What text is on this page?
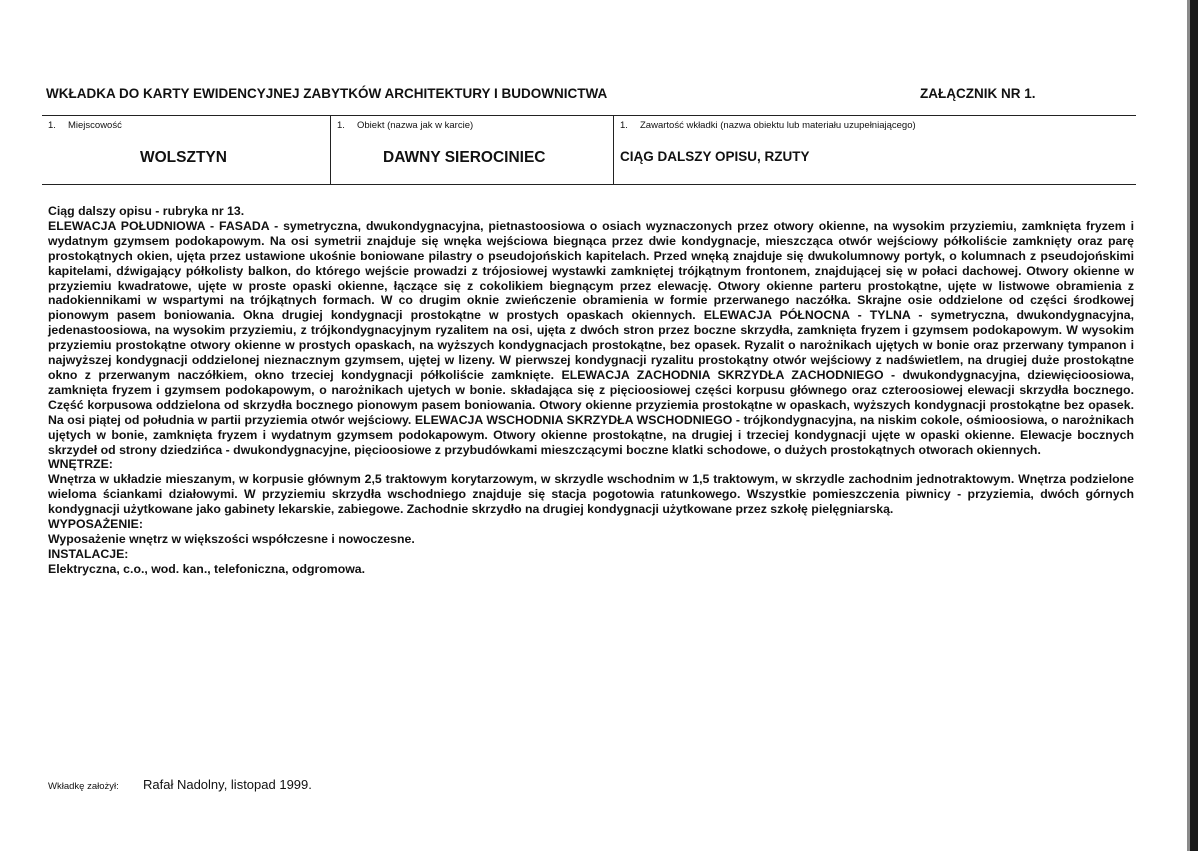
WKŁADKA DO KARTY EWIDENCYJNEJ ZABYTKÓW ARCHITEKTURY I BUDOWNICTWA	ZAŁĄCZNIK NR 1.
1. Miejscowość
WOLSZTYN
1. Obiekt (nazwa jak w karcie)
DAWNY SIEROCINIEC
1. Zawartość wkładki (nazwa obiektu lub materiału uzupełniającego)
CIĄG DALSZY OPISU, RZUTY

Ciąg dalszy opisu - rubryka nr 13.

ELEWACJA POŁUDNIOWA - FASADA - symetryczna, dwukondygnacyjna, pietnastoosiowa o osiach wyznaczonych przez otwory okienne, na wysokim przyziemiu, zamknięta fryzem i wydatnym gzymsem podokapowym. Na osi symetrii znajduje się wnęka wejściowa biegnąca przez dwie kondygnacje, mieszcząca otwór wejściowy półkoliście zamknięty oraz parę prostokątnych okien, ujęta przez ustawione ukośnie boniowane pilastry o pseudojońskich kapitelach. Przed wnęką znajduje się dwukolumnowy portyk, o kolumnach z pseudojońskimi kapitelami, dźwigający półkolisty balkon, do którego wejście prowadzi z trójosiowej wystawki zamkniętej trójkątnym frontonem, znajdującej się w połaci dachowej. Otwory okienne w przyziemiu kwadratowe, ujęte w proste opaski okienne, łączące się z cokolikiem biegnącym przez elewację. Otwory okienne parteru prostokątne, ujęte w listwowe obramienia z nadokiennikami w wspartymi na trójkątnych formach. W co drugim oknie zwieńczenie obramienia w formie przerwanego naczółka. Skrajne osie oddzielone od części środkowej pionowym pasem boniowania. Okna drugiej kondygnacji prostokątne w prostych opaskach okiennych. ELEWACJA PÓŁNOCNA - TYLNA - symetryczna, dwukondygnacyjna, jedenastoosiowa, na wysokim przyziemiu, z trójkondygnacyjnym ryzalitem na osi, ujęta z dwóch stron przez boczne skrzydła, zamknięta fryzem i gzymsem podokapowym. W wysokim przyziemiu prostokątne otwory okienne w prostych opaskach, na wyższych kondygnacjach prostokątne, bez opasek. Ryzalit o narożnikach ujętych w bonie oraz przerwany tympanon i najwyższej kondygnacji oddzielonej nieznacznym gzymsem, ujętej w lizeny. W pierwszej kondygnacji ryzalitu prostokątny otwór wejściowy z nadświetlem, na drugiej duże prostokątne okno z przerwanym naczółkiem, okno trzeciej kondygnacji półkoliście zamknięte. ELEWACJA ZACHODNIA SKRZYDŁA ZACHODNIEGO - dwukondygnacyjna, dziewięcioosiowa, zamknięta fryzem i gzymsem podokapowym, o narożnikach ujetych w bonie. składająca się z pięcioosiowej części korpusu głównego oraz czteroosiowej elewacji skrzydła bocznego. Część korpusowa oddzielona od skrzydła bocznego pionowym pasem boniowania. Otwory okienne przyziemia prostokątne w opaskach, wyższych kondygnacji prostokątne bez opasek. Na osi piątej od południa w partii przyziemia otwór wejściowy. ELEWACJA WSCHODNIA SKRZYDŁA WSCHODNIEGO - trójkondygnacyjna, na niskim cokole, ośmioosiowa, o narożnikach ujętych w bonie, zamknięta fryzem i wydatnym gzymsem podokapowym. Otwory okienne prostokątne, na drugiej i trzeciej kondygnacji ujęte w opaski okienne. Elewacje bocznych skrzydeł od strony dziedzińca - dwukondygnacyjne, pięcioosiowe z przybudówkami mieszczącymi boczne klatki schodowe, o dużych prostokątnych otworach okiennych.

WNĘTRZE:

Wnętrza w układzie mieszanym, w korpusie głównym 2,5 traktowym korytarzowym, w skrzydle wschodnim w 1,5 traktowym, w skrzydle zachodnim jednotraktowym. Wnętrza podzielone wieloma ściankami działowymi. W przyziemiu skrzydła wschodniego znajduje się stacja pogotowia ratunkowego. Wszystkie pomieszczenia piwnicy - przyziemia, dwóch górnych kondygnacji użytkowane jako gabinety lekarskie, zabiegowe. Zachodnie skrzydło na drugiej kondygnacji użytkowane przez szkołę pielęgniarską.

WYPOSAŻENIE:

Wyposażenie wnętrz w większości współczesne i nowoczesne.

INSTALACJE:

Elektryczna, c.o., wod. kan., telefoniczna, odgromowa.

Wkładkę założył: Rafał Nadolny, listopad 1999.
